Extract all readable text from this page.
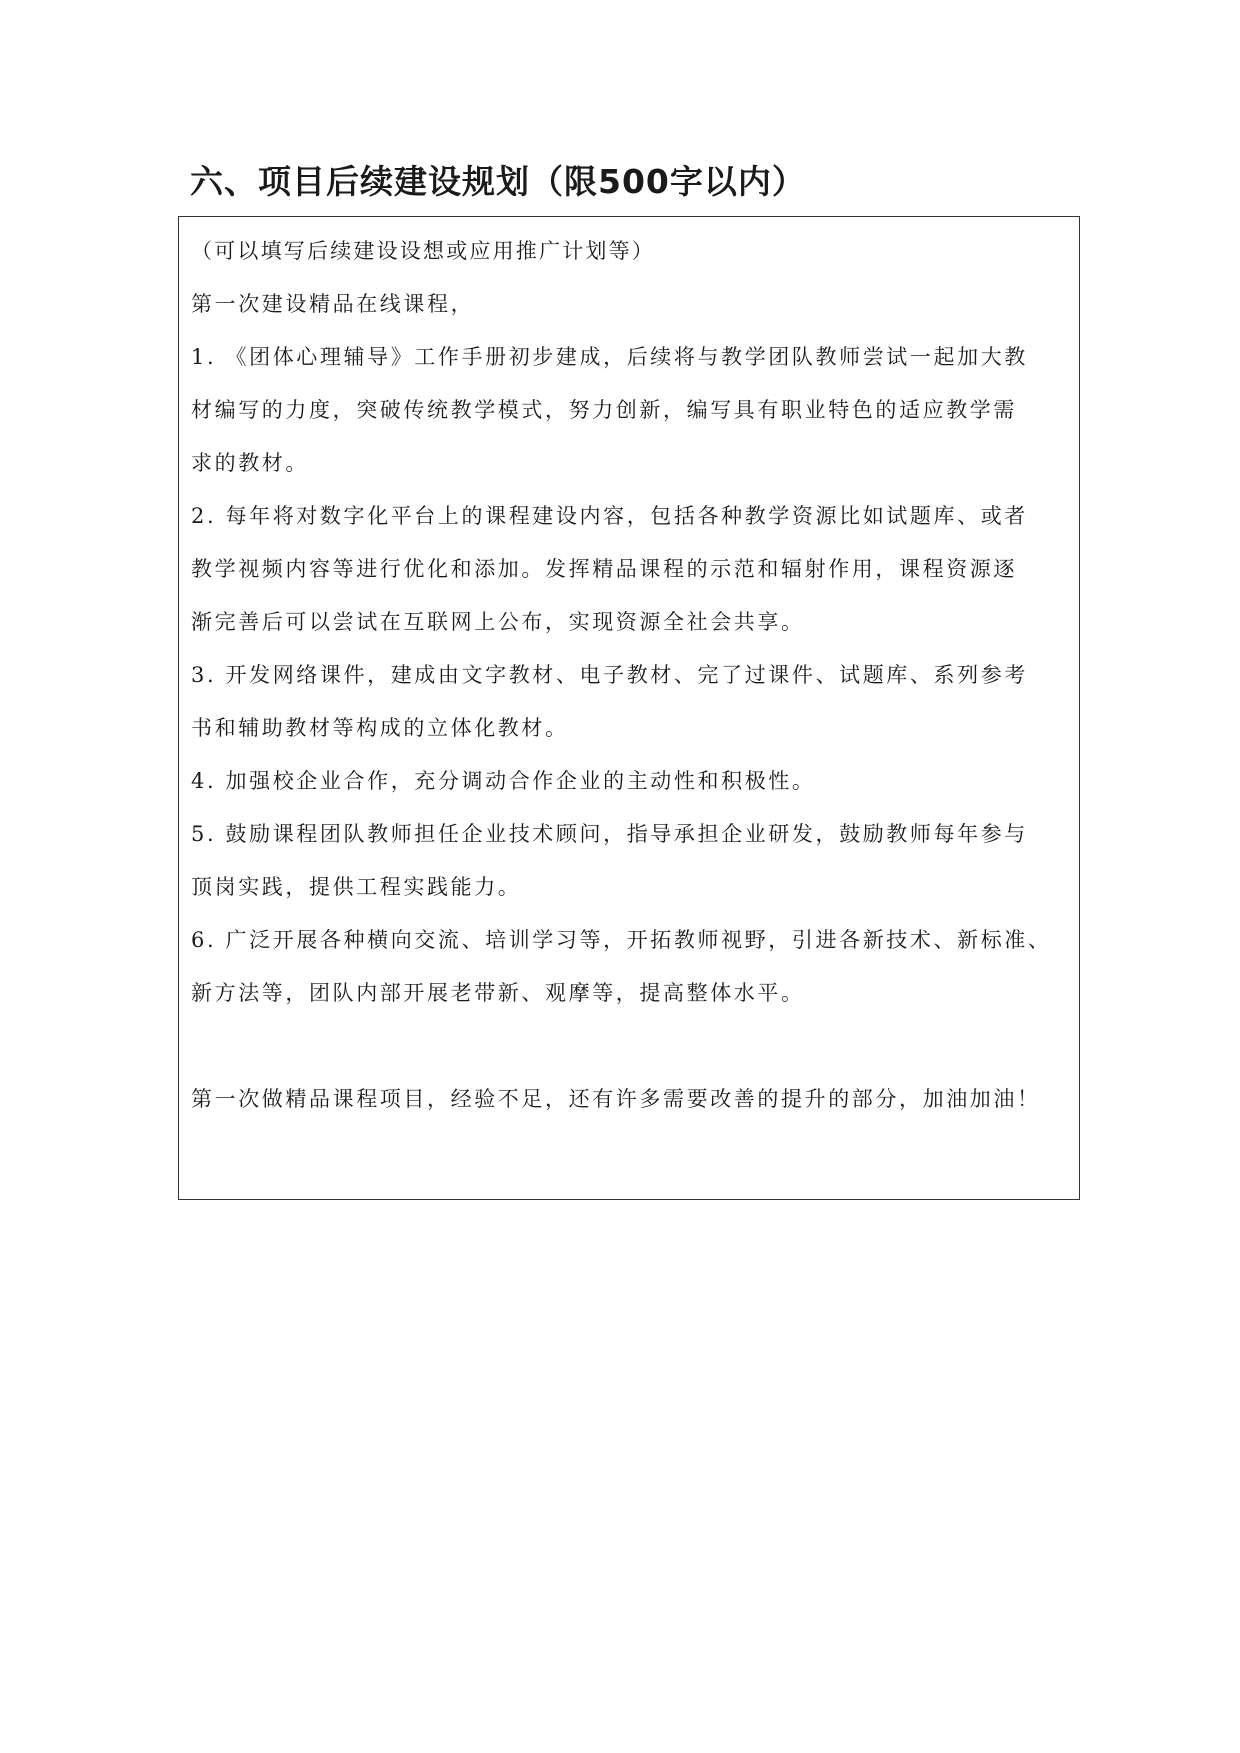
六、项目后续建设规划（限500字以内）

（可以填写后续建设设想或应用推广计划等）

第一次建设精品在线课程，

1. 《团体心理辅导》工作手册初步建成，后续将与教学团队教师尝试一起加大教

材编写的力度，突破传统教学模式，努力创新，编写具有职业特色的适应教学需

求的教材。

2. 每年将对数字化平台上的课程建设内容，包括各种教学资源比如试题库、或者

教学视频内容等进行优化和添加。发挥精品课程的示范和辐射作用，课程资源逐

渐完善后可以尝试在互联网上公布，实现资源全社会共享。

3. 开发网络课件，建成由文字教材、电子教材、完了过课件、试题库、系列参考

书和辅助教材等构成的立体化教材。

4. 加强校企业合作，充分调动合作企业的主动性和积极性。

5. 鼓励课程团队教师担任企业技术顾问，指导承担企业研发，鼓励教师每年参与

顶岗实践，提供工程实践能力。

6. 广泛开展各种横向交流、培训学习等，开拓教师视野，引进各新技术、新标准、

新方法等，团队内部开展老带新、观摩等，提高整体水平。

第一次做精品课程项目，经验不足，还有许多需要改善的提升的部分，加油加油！
